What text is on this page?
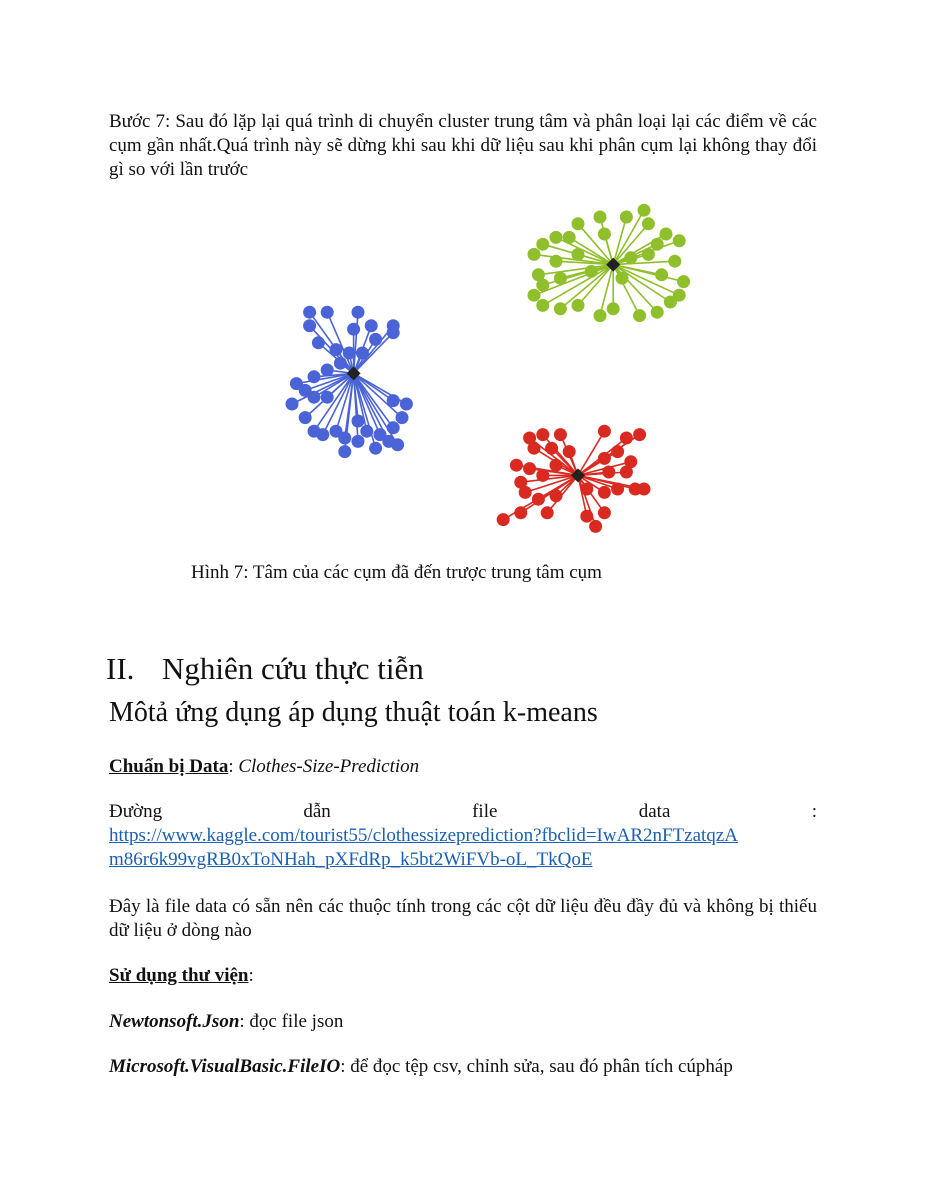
Bước 7: Sau đó lặp lại quá trình di chuyển cluster trung tâm và phân loại lại các điểm về các cụm gần nhất.Quá trình này sẽ dừng khi sau khi dữ liệu sau khi phân cụm lại không thay đổi gì so với lần trước

Hình 7: Tâm của các cụm đã đến trược trung tâm cụm

II. Nghiên cứu thực tiễn
Môtả ứng dụng áp dụng thuật toán k-means

Chuẩn bị Data: Clothes-Size-Prediction

Đường	dẫn	file	data	:
https://www.kaggle.com/tourist55/clothessizeprediction?fbclid=IwAR2nFTzatqzA
m86r6k99vgRB0xToNHah_pXFdRp_k5bt2WiFVb-oL_TkQoE

Đây là file data có sẵn nên các thuộc tính trong các cột dữ liệu đều đầy đủ và không bị thiếu dữ liệu ở dòng nào

Sử dụng thư viện:

Newtonsoft.Json: đọc file json

Microsoft.VisualBasic.FileIO: để đọc tệp csv, chỉnh sửa, sau đó phân tích cúpháp
